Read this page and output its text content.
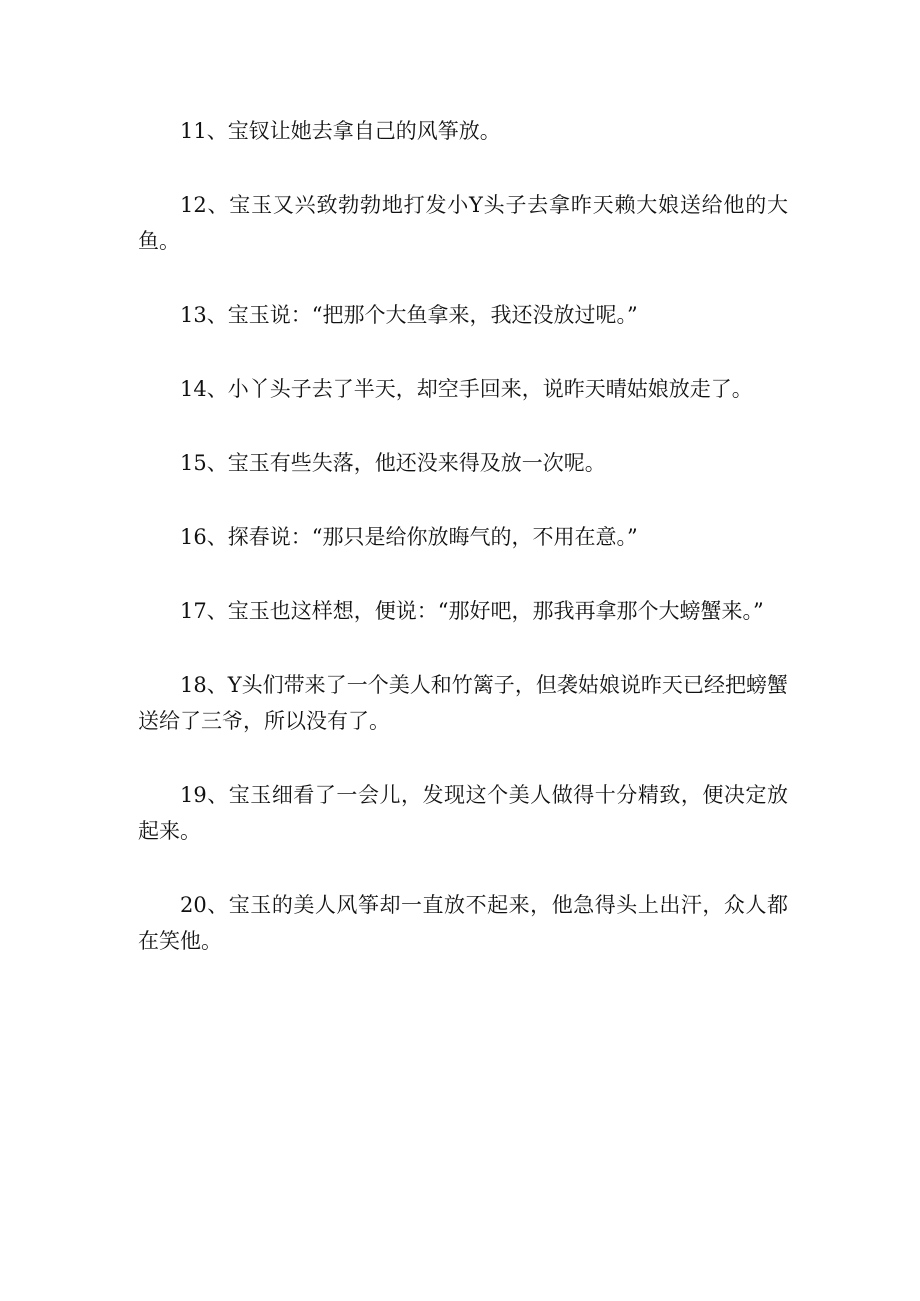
11、宝钗让她去拿自己的风筝放。

12、宝玉又兴致勃勃地打发小Y头子去拿昨天赖大娘送给他的大鱼。

13、宝玉说：“把那个大鱼拿来，我还没放过呢。”

14、小丫头子去了半天，却空手回来，说昨天晴姑娘放走了。

15、宝玉有些失落，他还没来得及放一次呢。

16、探春说：“那只是给你放晦气的，不用在意。”

17、宝玉也这样想，便说：“那好吧，那我再拿那个大螃蟹来。”

18、Y头们带来了一个美人和竹篱子，但袭姑娘说昨天已经把螃蟹送给了三爷，所以没有了。

19、宝玉细看了一会儿，发现这个美人做得十分精致，便决定放起来。

20、宝玉的美人风筝却一直放不起来，他急得头上出汗，众人都在笑他。
